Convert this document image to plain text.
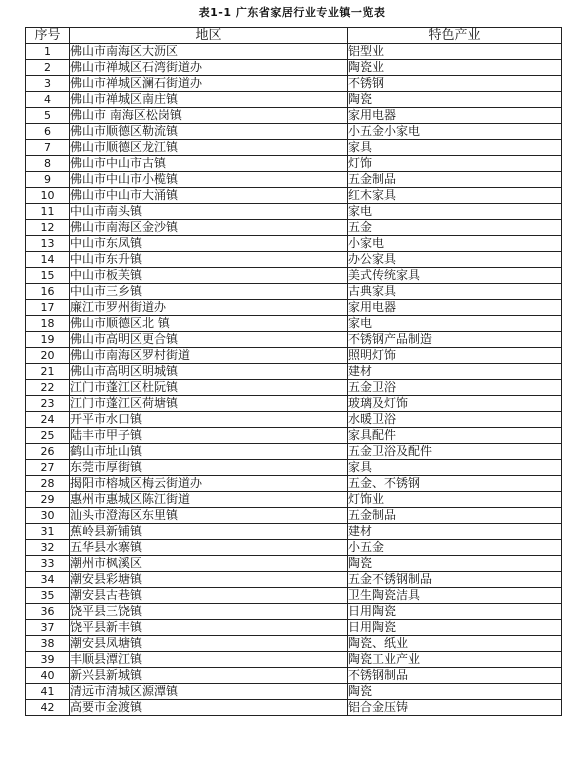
表1-1 广东省家居行业专业镇一览表
序号	地区	特色产业
1	佛山市南海区大沥区	铝型业
2	佛山市禅城区石湾街道办	陶瓷业
3	佛山市禅城区澜石街道办	不锈钢
4	佛山市禅城区南庄镇	陶瓷
5	佛山市 南海区松岗镇	家用电器
6	佛山市顺德区勒流镇	小五金小家电
7	佛山市顺德区龙江镇	家具
8	佛山市中山市古镇	灯饰
9	佛山市中山市小榄镇	五金制品
10	佛山市中山市大涌镇	红木家具
11	中山市南头镇	家电
12	佛山市南海区金沙镇	五金
13	中山市东凤镇	小家电
14	中山市东升镇	办公家具
15	中山市板芙镇	美式传统家具
16	中山市三乡镇	古典家具
17	廉江市罗州街道办	家用电器
18	佛山市顺德区北 镇	家电
19	佛山市高明区更合镇	不锈钢产品制造
20	佛山市南海区罗村街道	照明灯饰
21	佛山市高明区明城镇	建材
22	江门市蓬江区杜阮镇	五金卫浴
23	江门市蓬江区荷塘镇	玻璃及灯饰
24	开平市水口镇	水暖卫浴
25	陆丰市甲子镇	家具配件
26	鹤山市址山镇	五金卫浴及配件
27	东莞市厚街镇	家具
28	揭阳市榕城区梅云街道办	五金、不锈钢
29	惠州市惠城区陈江街道	灯饰业
30	汕头市澄海区东里镇	五金制品
31	蕉岭县新铺镇	建材
32	五华县水寨镇	小五金
33	潮州市枫溪区	陶瓷
34	潮安县彩塘镇	五金不锈钢制品
35	潮安县古巷镇	卫生陶瓷洁具
36	饶平县三饶镇	日用陶瓷
37	饶平县新丰镇	日用陶瓷
38	潮安县凤塘镇	陶瓷、纸业
39	丰顺县潭江镇	陶瓷工业产业
40	新兴县新城镇	不锈钢制品
41	清远市清城区源潭镇	陶瓷
42	高要市金渡镇	铝合金压铸
